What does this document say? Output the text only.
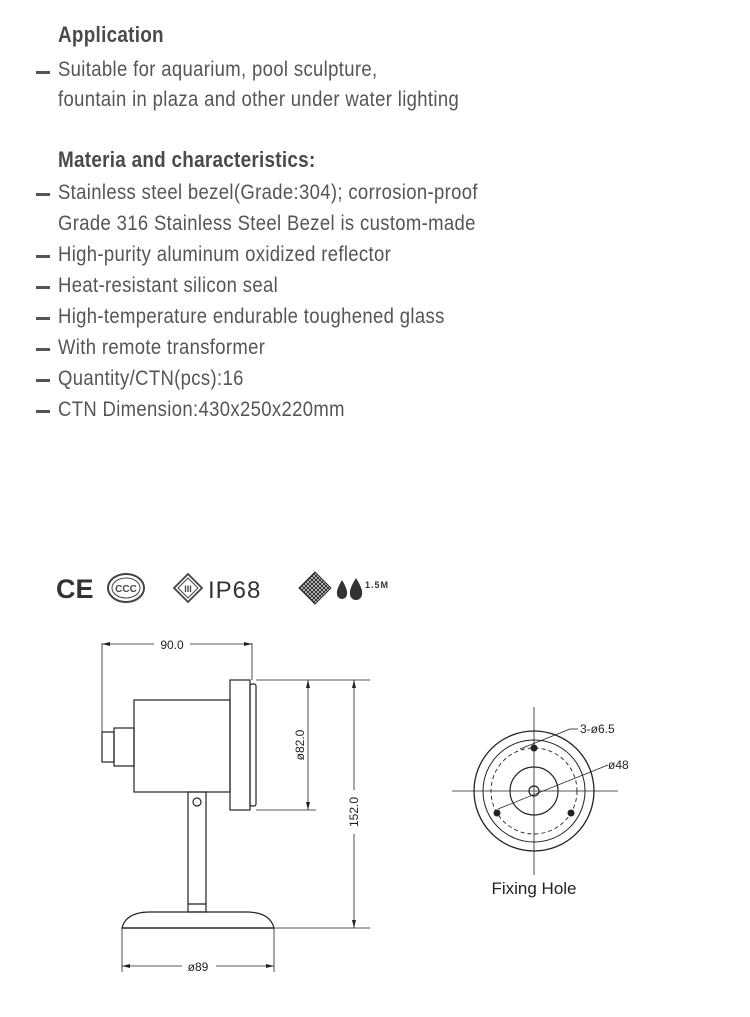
Application
Suitable for aquarium, pool sculpture,
fountain in plaza and other under water lighting
Materia and characteristics:
Stainless steel bezel(Grade:304); corrosion-proof
Grade 316 Stainless Steel Bezel is custom-made
High-purity aluminum oxidized reflector
Heat-resistant silicon seal
High-temperature endurable toughened glass
With remote transformer
Quantity/CTN(pcs):16
CTN Dimension:430x250x220mm
CE CCC	III IP68	1.5M
90.0
ø82.0
152.0
ø89
3-ø6.5
ø48
Fixing Hole
